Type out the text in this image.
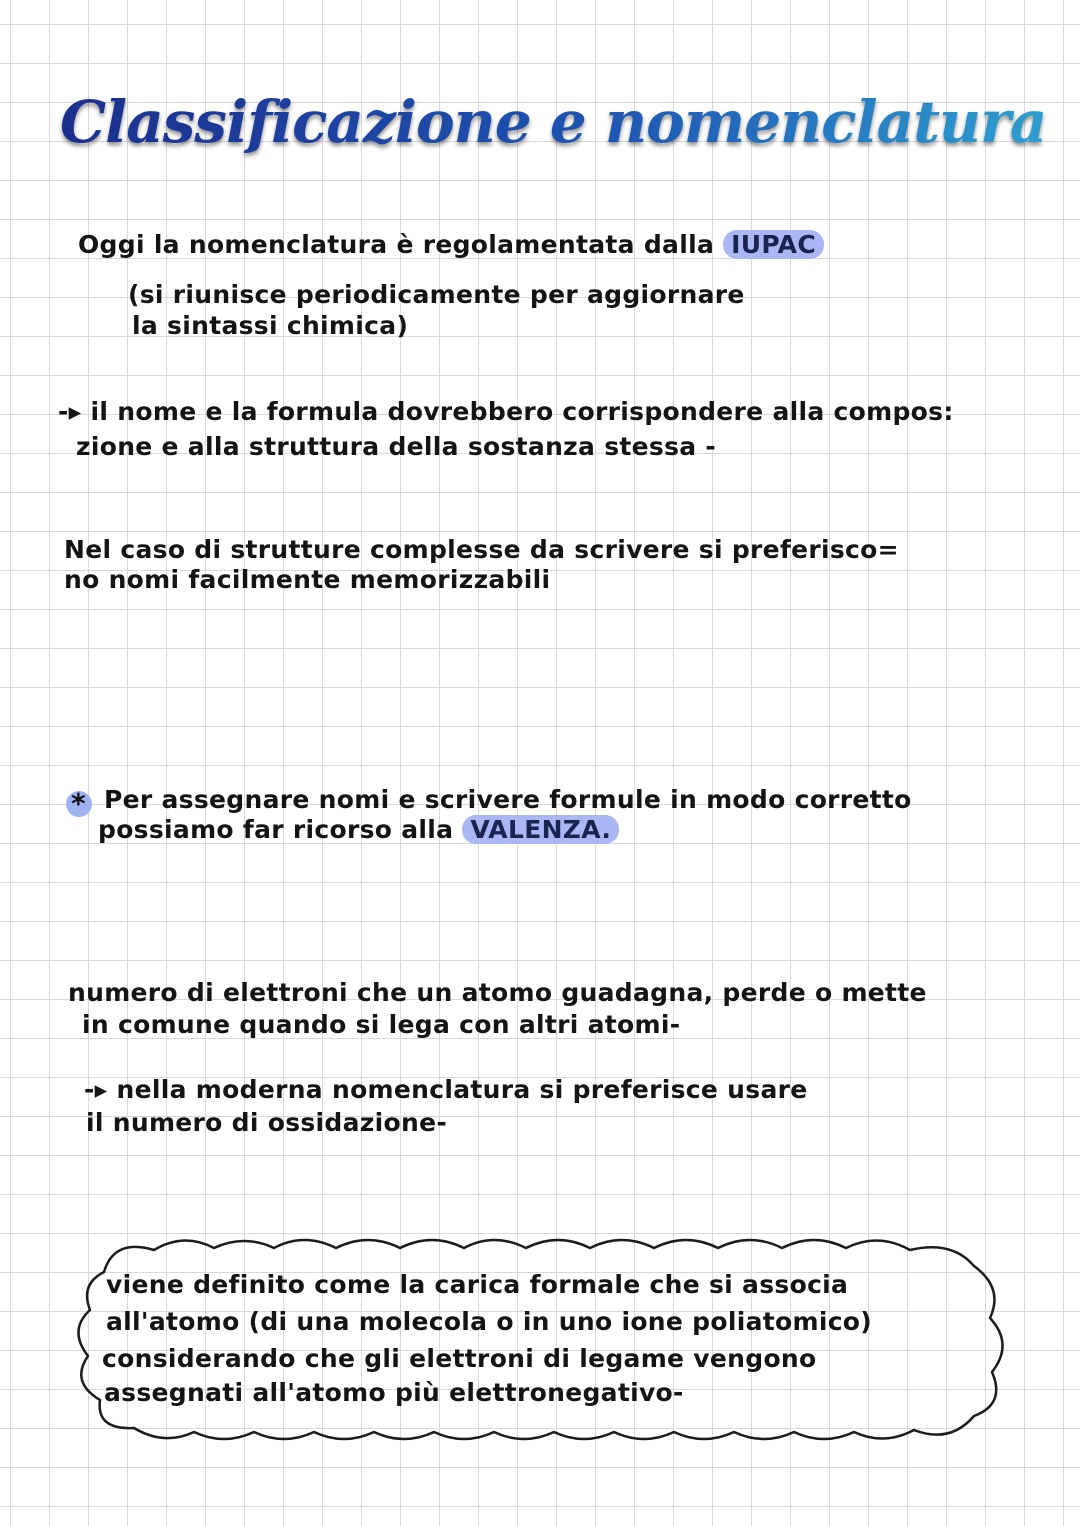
Classificazione e nomenclatura
Oggi la nomenclatura è regolamentata dalla IUPAC
(si riunisce periodicamente per aggiornare
la sintassi chimica)
-▸ il nome e la formula dovrebbero corrispondere alla compos:
zione e alla struttura della sostanza stessa -
Nel caso di strutture complesse da scrivere si preferisco=
no nomi facilmente memorizzabili
*
Per assegnare nomi e scrivere formule in modo corretto
possiamo far ricorso alla VALENZA.
numero di elettroni che un atomo guadagna, perde o mette
in comune quando si lega con altri atomi-
-▸ nella moderna nomenclatura si preferisce usare
il numero di ossidazione-
viene definito come la carica formale che si associa
all'atomo (di una molecola o in uno ione poliatomico)
considerando che gli elettroni di legame vengono
assegnati all'atomo più elettronegativo-
